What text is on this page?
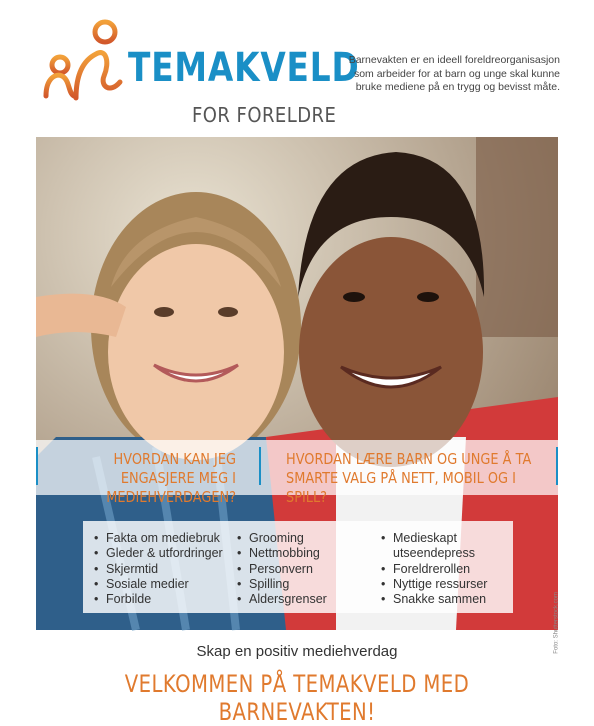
TEMAKVELD
FOR FORELDRE
Barnevakten er en ideell foreldreorganisasjon som arbeider for at barn og unge skal kunne bruke mediene på en trygg og bevisst måte.
Foto: Shutterstock.com
HVORDAN KAN JEG ENGASJERE MEG I MEDIEHVERDAGEN?
HVORDAN LÆRE BARN OG UNGE Å TA SMARTE VALG PÅ NETT, MOBIL OG I SPILL?
• Fakta om mediebruk
• Gleder & utfordringer
• Skjermtid
• Sosiale medier
• Forbilde
• Grooming
• Nettmobbing
• Personvern
• Spilling
• Aldersgrenser
• Medieskapt utseendepress
• Foreldrerollen
• Nyttige ressurser
• Snakke sammen
Skap en positiv mediehverdag
VELKOMMEN PÅ TEMAKVELD MED BARNEVAKTEN!
